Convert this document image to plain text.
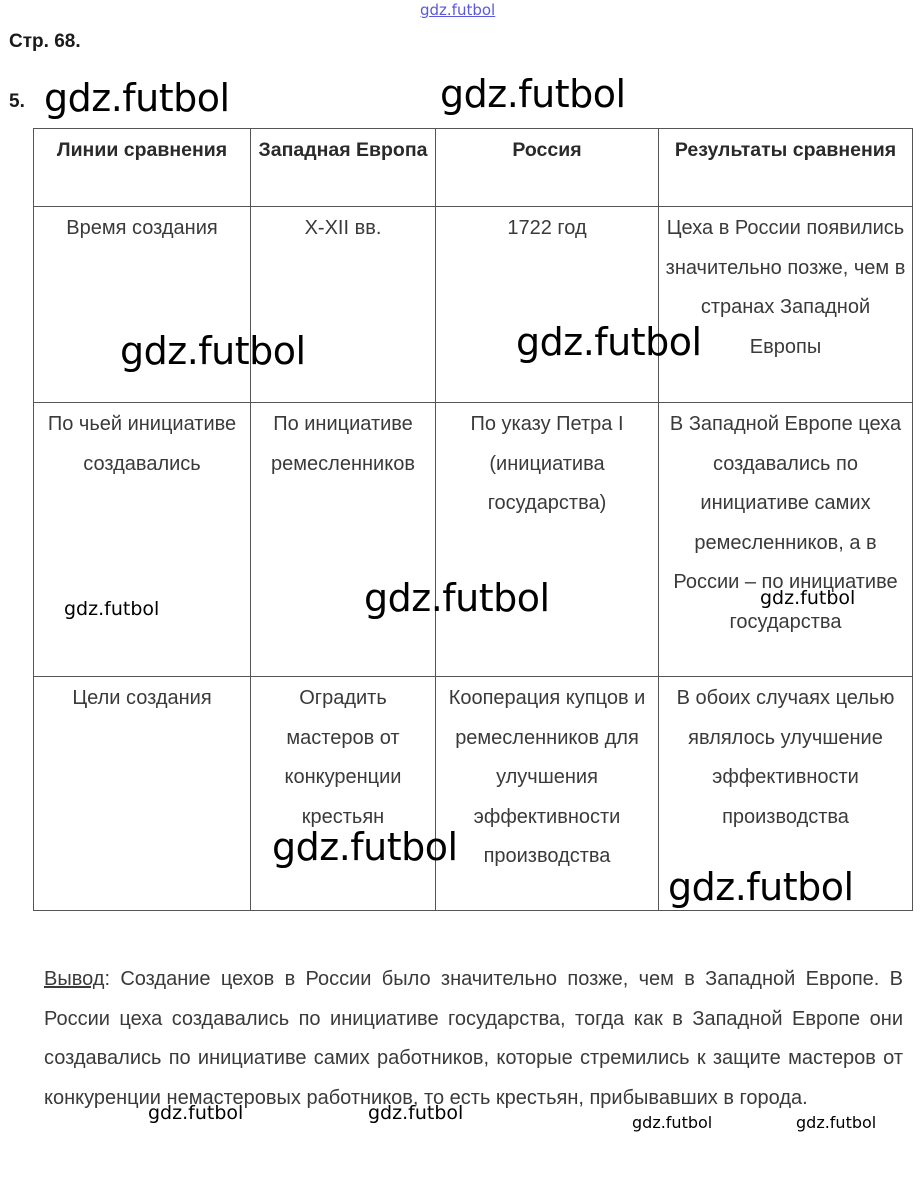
Стр. 68.
5.
Линии сравнения	Западная Европа	Россия	Результаты сравнения
Время создания	X-XII вв.	1722 год	Цеха в России появились значительно позже, чем в странах Западной Европы
По чьей инициативе создавались	По инициативе ремесленников	По указу Петра I (инициатива государства)	В Западной Европе цеха создавались по инициативе самих ремесленников, а в России – по инициативе государства
Цели создания	Оградить мастеров от конкуренции крестьян	Кооперация купцов и ремесленников для улучшения эффективности производства	В обоих случаях целью являлось улучшение эффективности производства

Вывод: Создание цехов в России было значительно позже, чем в Западной Европе. В России цеха создавались по инициативе государства, тогда как в Западной Европе они создавались по инициативе самих работников, которые стремились к защите мастеров от конкуренции немастеровых работников, то есть крестьян, прибывавших в города.

gdz.futbol
gdz.futbol	gdz.futbol
gdz.futbol	gdz.futbol
gdz.futbol	gdz.futbol	gdz.futbol
gdz.futbol
gdz.futbol
gdz.futbol	gdz.futbol	gdz.futbol	gdz.futbol
